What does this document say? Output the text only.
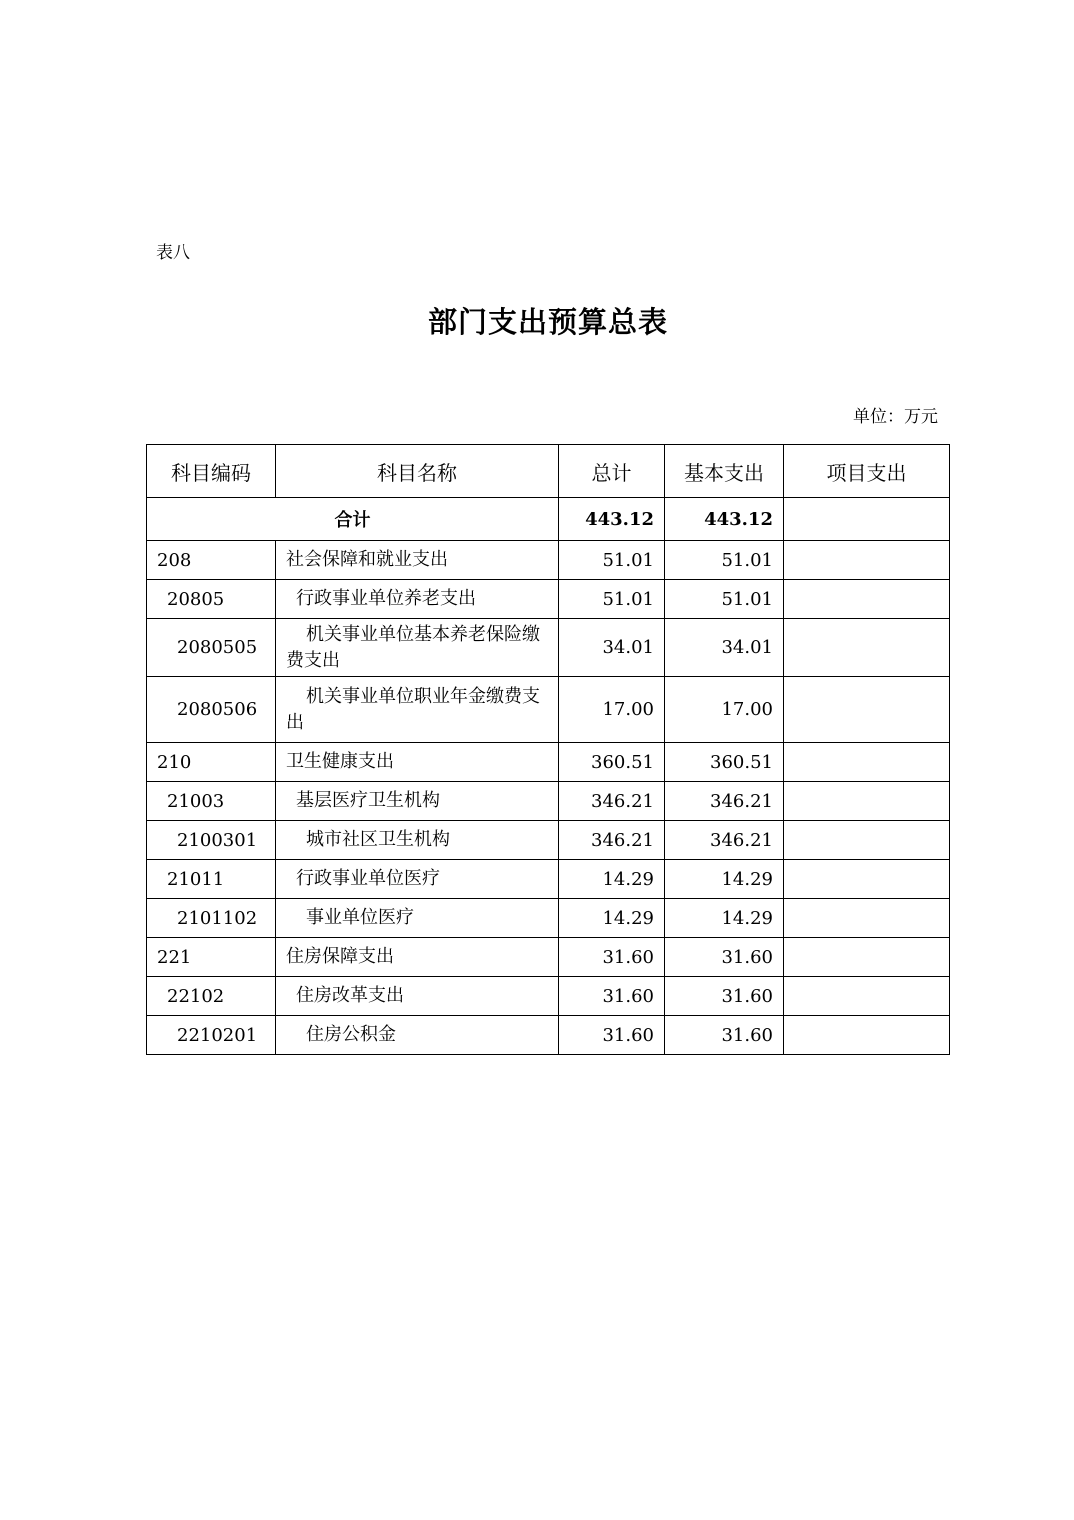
表八
部门支出预算总表
单位：万元
科目编码	科目名称	总计	基本支出	项目支出
合计		443.12	443.12	
208	社会保障和就业支出	51.01	51.01	
20805	行政事业单位养老支出	51.01	51.01	
2080505	机关事业单位基本养老保险缴费支出	34.01	34.01	
2080506	机关事业单位职业年金缴费支出	17.00	17.00	
210	卫生健康支出	360.51	360.51	
21003	基层医疗卫生机构	346.21	346.21	
2100301	城市社区卫生机构	346.21	346.21	
21011	行政事业单位医疗	14.29	14.29	
2101102	事业单位医疗	14.29	14.29	
221	住房保障支出	31.60	31.60	
22102	住房改革支出	31.60	31.60	
2210201	住房公积金	31.60	31.60	
